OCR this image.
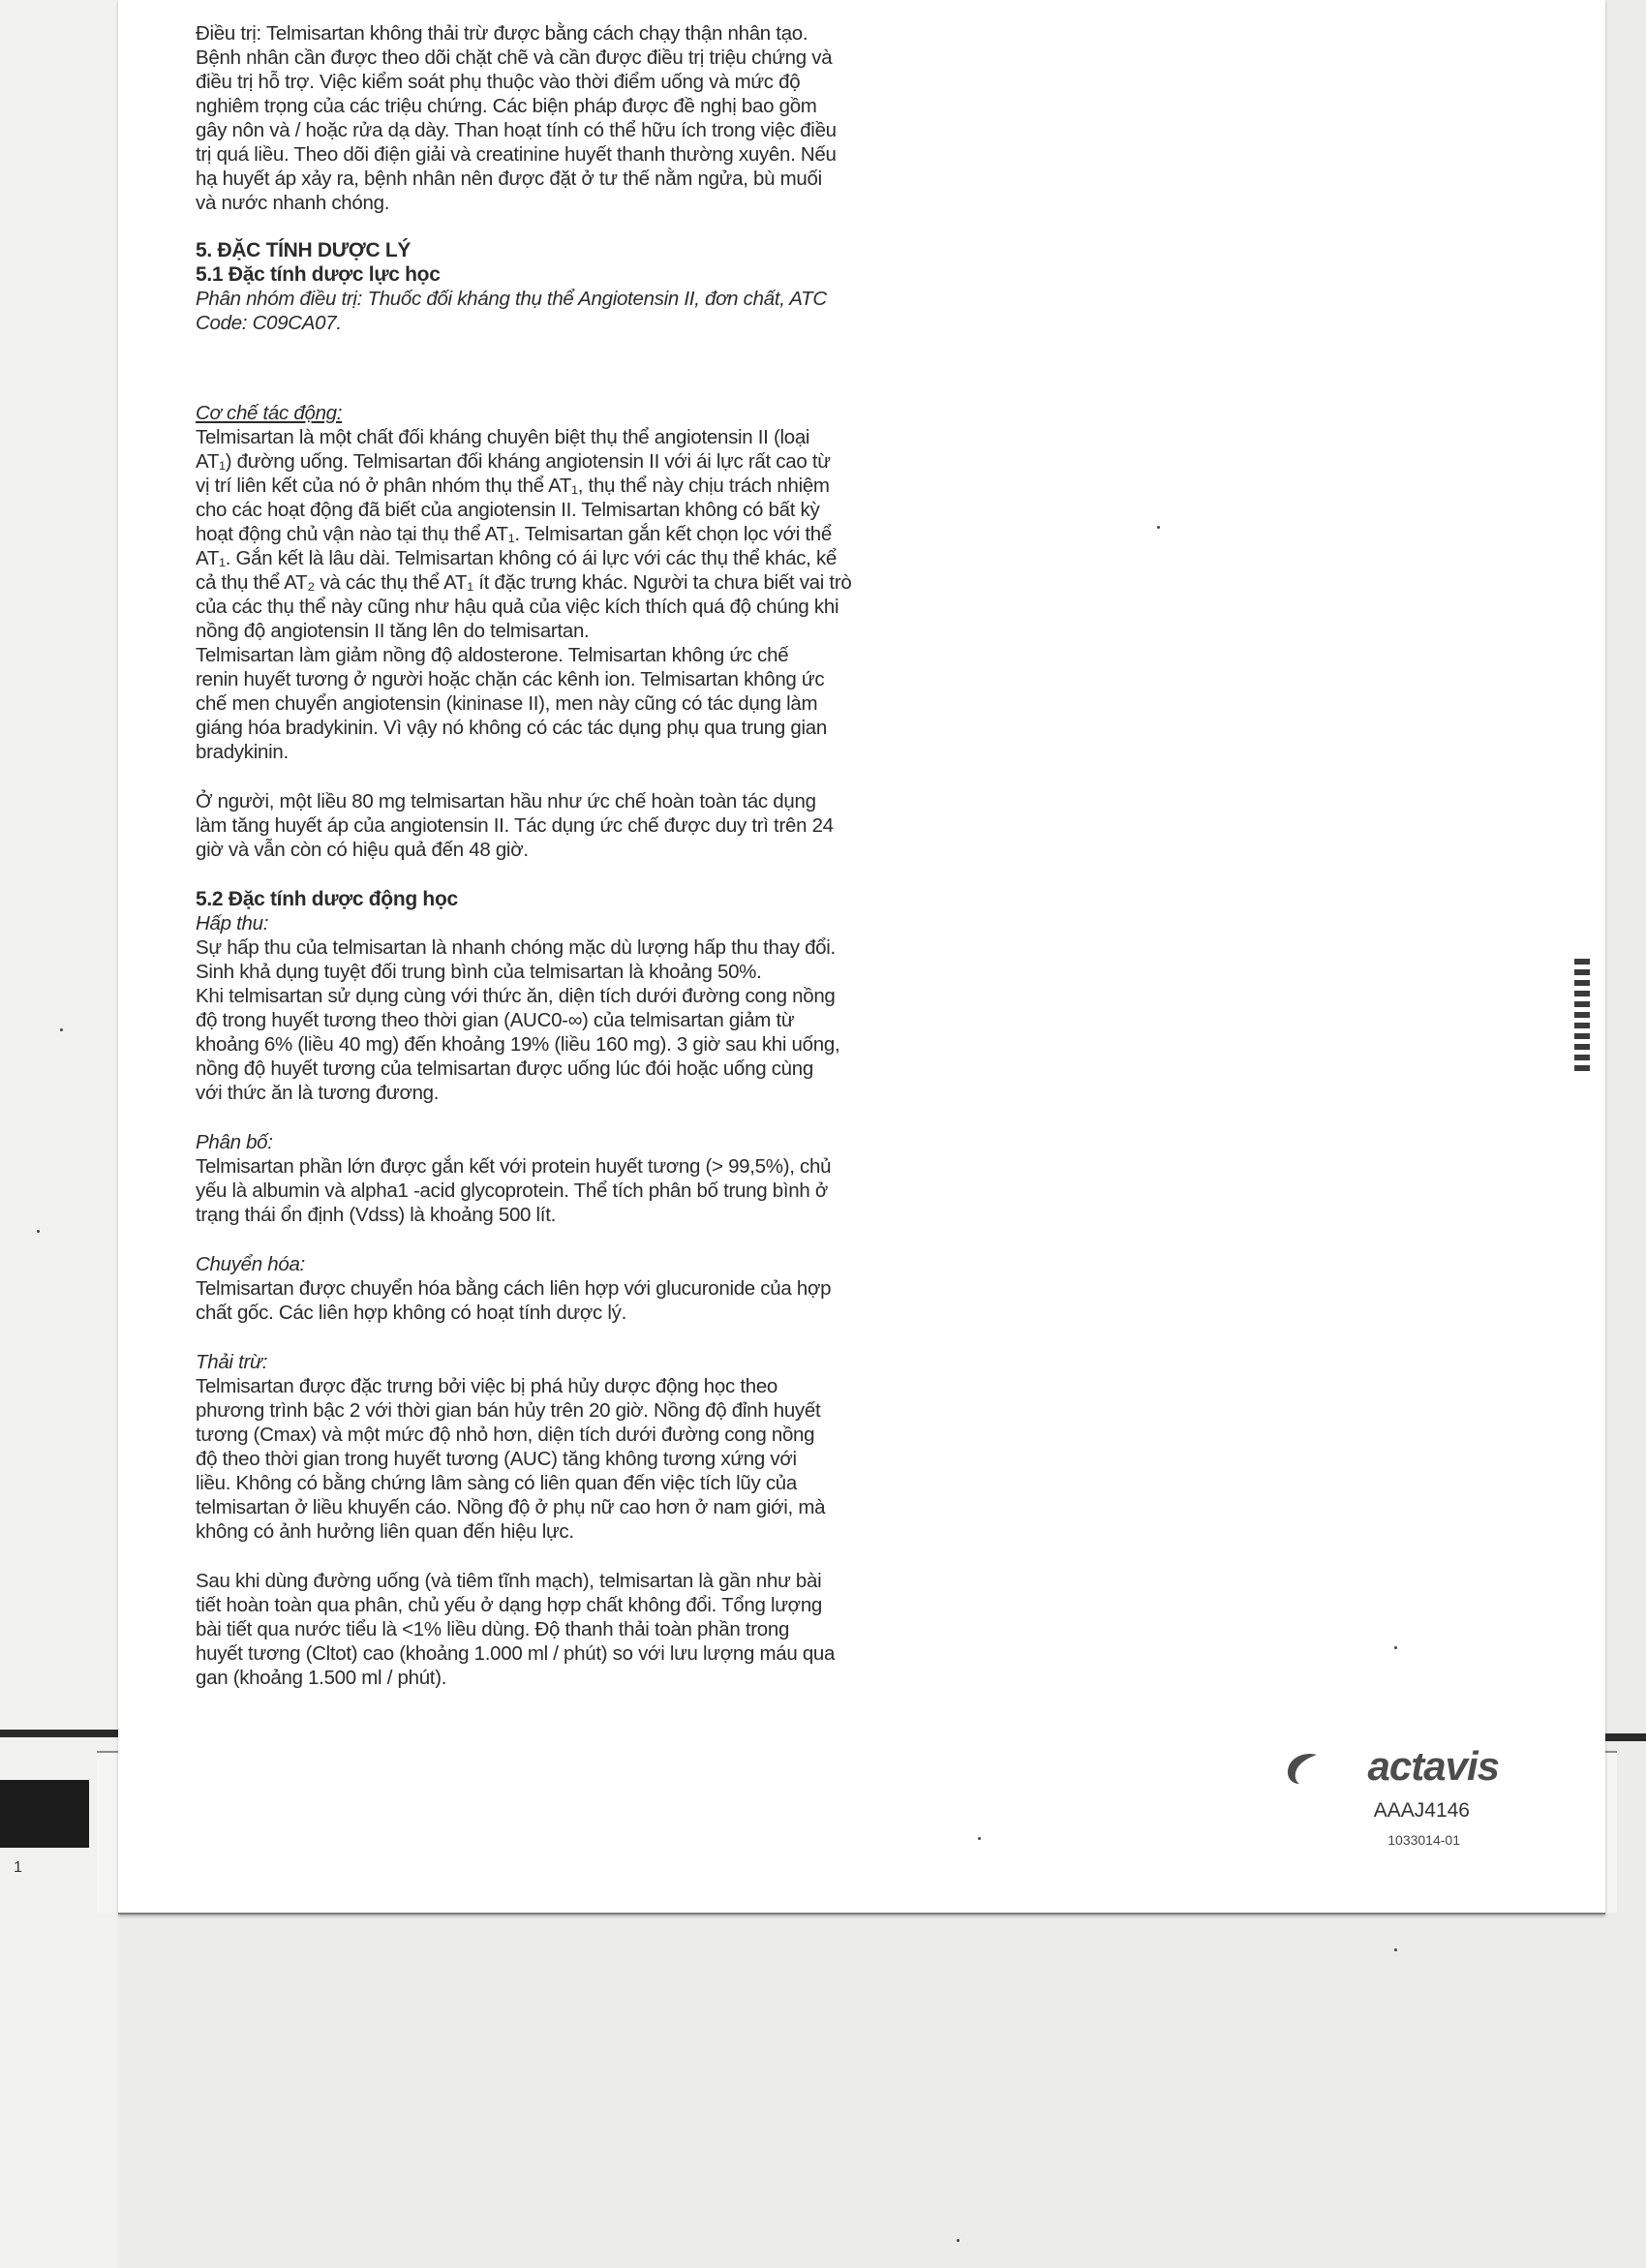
1

Điều trị: Telmisartan không thải trừ được bằng cách chạy thận nhân tạo.

Bệnh nhân cần được theo dõi chặt chẽ và cần được điều trị triệu chứng và

điều trị hỗ trợ. Việc kiểm soát phụ thuộc vào thời điểm uống và mức độ

nghiêm trọng của các triệu chứng. Các biện pháp được đề nghị bao gồm

gây nôn và / hoặc rửa dạ dày. Than hoạt tính có thể hữu ích trong việc điều

trị quá liều. Theo dõi điện giải và creatinine huyết thanh thường xuyên. Nếu

hạ huyết áp xảy ra, bệnh nhân nên được đặt ở tư thế nằm ngửa, bù muối

và nước nhanh chóng.

5. ĐẶC TÍNH DƯỢC LÝ

5.1 Đặc tính dược lực học

Phân nhóm điều trị: Thuốc đối kháng thụ thể Angiotensin II, đơn chất, ATC

Code: C09CA07.

Cơ chế tác động:

Telmisartan là một chất đối kháng chuyên biệt thụ thể angiotensin II (loại

AT₁) đường uống. Telmisartan đối kháng angiotensin II với ái lực rất cao từ

vị trí liên kết của nó ở phân nhóm thụ thể AT₁, thụ thể này chịu trách nhiệm

cho các hoạt động đã biết của angiotensin II. Telmisartan không có bất kỳ

hoạt động chủ vận nào tại thụ thể AT₁. Telmisartan gắn kết chọn lọc với thể

AT₁. Gắn kết là lâu dài. Telmisartan không có ái lực với các thụ thể khác, kể

cả thụ thể AT₂ và các thụ thể AT₁ ít đặc trưng khác. Người ta chưa biết vai trò

của các thụ thể này cũng như hậu quả của việc kích thích quá độ chúng khi

nồng độ angiotensin II tăng lên do telmisartan.

Telmisartan làm giảm nồng độ aldosterone. Telmisartan không ức chế

renin huyết tương ở người hoặc chặn các kênh ion. Telmisartan không ức

chế men chuyển angiotensin (kininase II), men này cũng có tác dụng làm

giáng hóa bradykinin. Vì vậy nó không có các tác dụng phụ qua trung gian

bradykinin.

Ở người, một liều 80 mg telmisartan hầu như ức chế hoàn toàn tác dụng

làm tăng huyết áp của angiotensin II. Tác dụng ức chế được duy trì trên 24

giờ và vẫn còn có hiệu quả đến 48 giờ.

5.2 Đặc tính dược động học

Hấp thu:

Sự hấp thu của telmisartan là nhanh chóng mặc dù lượng hấp thu thay đổi.

Sinh khả dụng tuyệt đối trung bình của telmisartan là khoảng 50%.

Khi telmisartan sử dụng cùng với thức ăn, diện tích dưới đường cong nồng

độ trong huyết tương theo thời gian (AUC0-∞) của telmisartan giảm từ

khoảng 6% (liều 40 mg) đến khoảng 19% (liều 160 mg). 3 giờ sau khi uống,

nồng độ huyết tương của telmisartan được uống lúc đói hoặc uống cùng

với thức ăn là tương đương.

Phân bố:

Telmisartan phần lớn được gắn kết với protein huyết tương (> 99,5%), chủ

yếu là albumin và alpha1 -acid glycoprotein. Thể tích phân bố trung bình ở

trạng thái ổn định (Vdss) là khoảng 500 lít.

Chuyển hóa:

Telmisartan được chuyển hóa bằng cách liên hợp với glucuronide của hợp

chất gốc. Các liên hợp không có hoạt tính dược lý.

Thải trừ:

Telmisartan được đặc trưng bởi việc bị phá hủy dược động học theo

phương trình bậc 2 với thời gian bán hủy trên 20 giờ. Nồng độ đỉnh huyết

tương (Cmax) và một mức độ nhỏ hơn, diện tích dưới đường cong nồng

độ theo thời gian trong huyết tương (AUC) tăng không tương xứng với

liều. Không có bằng chứng lâm sàng có liên quan đến việc tích lũy của

telmisartan ở liều khuyến cáo. Nồng độ ở phụ nữ cao hơn ở nam giới, mà

không có ảnh hưởng liên quan đến hiệu lực.

Sau khi dùng đường uống (và tiêm tĩnh mạch), telmisartan là gần như bài

tiết hoàn toàn qua phân, chủ yếu ở dạng hợp chất không đổi. Tổng lượng

bài tiết qua nước tiểu là <1% liều dùng. Độ thanh thải toàn phần trong

huyết tương (Cltot) cao (khoảng 1.000 ml / phút) so với lưu lượng máu qua

gan (khoảng 1.500 ml / phút).

actavis
AAAJ4146
1033014-01
